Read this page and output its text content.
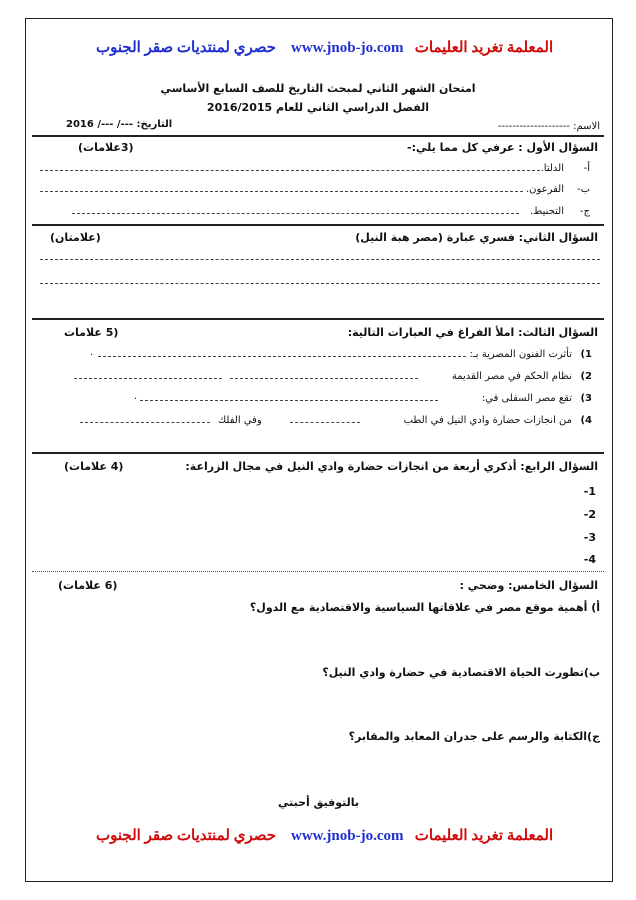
حصري لمنتديات صقر الجنوب www.jnob-jo.com المعلمة تغريد العليمات
امتحان الشهر الثاني لمبحث التاريخ للصف السابع الأساسي
الفصل الدراسي الثاني للعام 2016/2015
الاسم: --------------------
التاريخ: ---/ ---/ 2016
السؤال الأول : عرفي كل مما يلي:-
(3علامات)
أ-
الدلتا.
ب-
الفرعون.
ج-
التحنيط.
السؤال الثاني: فسري عبارة (مصر هبة النيل)
(علامتان)
السؤال الثالث: املأ الفراغ في العبارات التالية:
(5 علامات
1)
تأثرت الفنون المصرية بـ:
.
2)
نظام الحكم في مصر القديمة
3)
تقع مصر السفلى في:
.
4)
من انجازات حضارة وادي النيل في الطب
وفي الفلك
السؤال الرابع: أذكري أربعة من انجازات حضارة وادي النيل في مجال الزراعة:
(4 علامات)
1-
2-
3-
4-
السؤال الخامس: وضحي :
(6 علامات)
أ) أهمية موقع مصر في علاقاتها السياسية والاقتصادية مع الدول؟
ب)تطورت الحياة الاقتصادية في حضارة وادي النيل؟
ج)الكتابة والرسم على جدران المعابد والمقابر؟
بالتوفيق أحبتي
حصري لمنتديات صقر الجنوب www.jnob-jo.com المعلمة تغريد العليمات
